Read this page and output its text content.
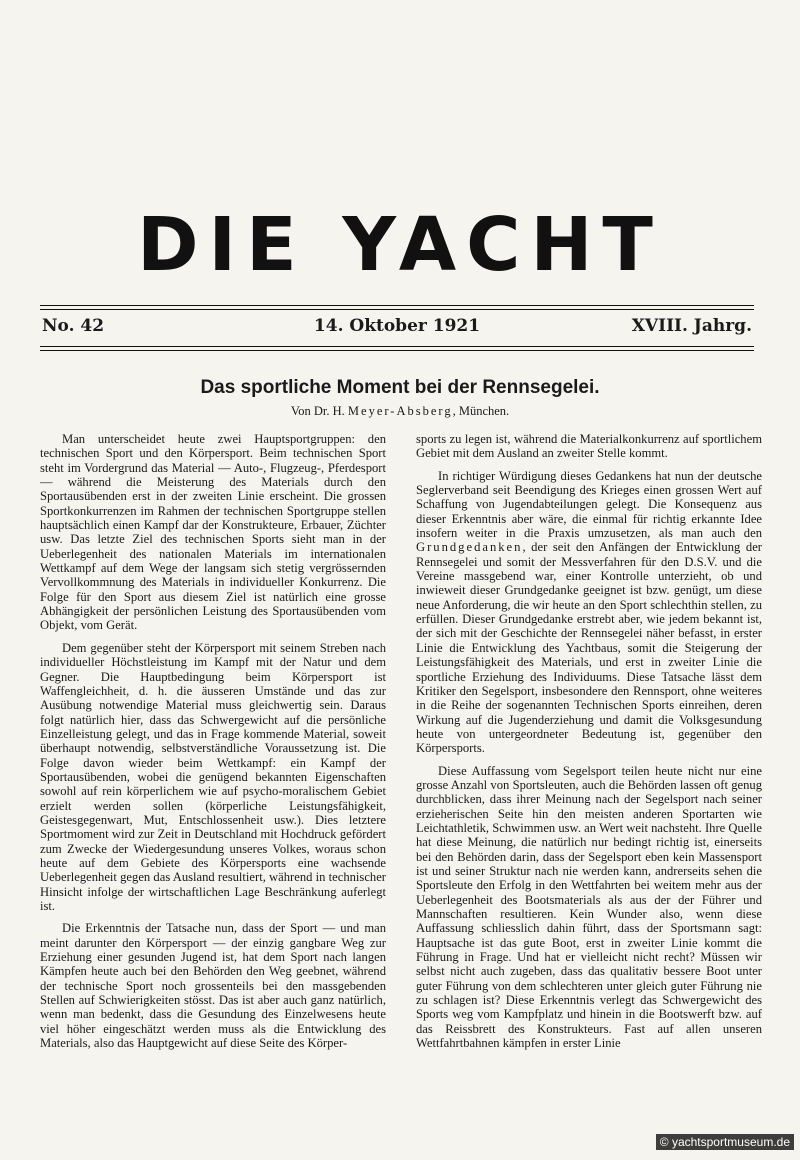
DIE YACHT
No. 42	14. Oktober 1921	XVIII. Jahrg.
Das sportliche Moment bei der Rennsegelei.
Von Dr. H. Meyer-Absberg, München.

Man unterscheidet heute zwei Hauptsportgruppen: den technischen Sport und den Körpersport. Beim technischen Sport steht im Vordergrund das Material — Auto-, Flugzeug-, Pferdesport — während die Meisterung des Materials durch den Sportausübenden erst in der zweiten Linie erscheint. Die grossen Sportkonkurrenzen im Rahmen der technischen Sportgruppe stellen hauptsächlich einen Kampf dar der Konstrukteure, Erbauer, Züchter usw. Das letzte Ziel des technischen Sports sieht man in der Ueberlegenheit des nationalen Materials im internationalen Wettkampf auf dem Wege der langsam sich stetig vergrössernden Vervollkommnung des Materials in individueller Konkurrenz. Die Folge für den Sport aus diesem Ziel ist natürlich eine grosse Abhängigkeit der persönlichen Leistung des Sportausübenden vom Objekt, vom Gerät.

Dem gegenüber steht der Körpersport mit seinem Streben nach individueller Höchstleistung im Kampf mit der Natur und dem Gegner. Die Hauptbedingung beim Körpersport ist Waffengleichheit, d. h. die äusseren Umstände und das zur Ausübung notwendige Material muss gleichwertig sein. Daraus folgt natürlich hier, dass das Schwergewicht auf die persönliche Einzelleistung gelegt, und das in Frage kommende Material, soweit überhaupt notwendig, selbstverständliche Voraussetzung ist. Die Folge davon wieder beim Wettkampf: ein Kampf der Sportausübenden, wobei die genügend bekannten Eigenschaften sowohl auf rein körperlichem wie auf psycho-moralischem Gebiet erzielt werden sollen (körperliche Leistungsfähigkeit, Geistesgegenwart, Mut, Entschlossenheit usw.). Dies letztere Sportmoment wird zur Zeit in Deutschland mit Hochdruck gefördert zum Zwecke der Wiedergesundung unseres Volkes, woraus schon heute auf dem Gebiete des Körpersports eine wachsende Ueberlegenheit gegen das Ausland resultiert, während in technischer Hinsicht infolge der wirtschaftlichen Lage Beschränkung auferlegt ist.

Die Erkenntnis der Tatsache nun, dass der Sport — und man meint darunter den Körpersport — der einzig gangbare Weg zur Erziehung einer gesunden Jugend ist, hat dem Sport nach langen Kämpfen heute auch bei den Behörden den Weg geebnet, während der technische Sport noch grossenteils bei den massgebenden Stellen auf Schwierigkeiten stösst. Das ist aber auch ganz natürlich, wenn man bedenkt, dass die Gesundung des Einzelwesens heute viel höher eingeschätzt werden muss als die Entwicklung des Materials, also das Hauptgewicht auf diese Seite des Körper-

sports zu legen ist, während die Materialkonkurrenz auf sportlichem Gebiet mit dem Ausland an zweiter Stelle kommt.

In richtiger Würdigung dieses Gedankens hat nun der deutsche Seglerverband seit Beendigung des Krieges einen grossen Wert auf Schaffung von Jugendabteilungen gelegt. Die Konsequenz aus dieser Erkenntnis aber wäre, die einmal für richtig erkannte Idee insofern weiter in die Praxis umzusetzen, als man auch den Grundgedanken, der seit den Anfängen der Entwicklung der Rennsegelei und somit der Messverfahren für den D.S.V. und die Vereine massgebend war, einer Kontrolle unterzieht, ob und inwieweit dieser Grundgedanke geeignet ist bzw. genügt, um diese neue Anforderung, die wir heute an den Sport schlechthin stellen, zu erfüllen. Dieser Grundgedanke erstrebt aber, wie jedem bekannt ist, der sich mit der Geschichte der Rennsegelei näher befasst, in erster Linie die Entwicklung des Yachtbaus, somit die Steigerung der Leistungsfähigkeit des Materials, und erst in zweiter Linie die sportliche Erziehung des Individuums. Diese Tatsache lässt dem Kritiker den Segelsport, insbesondere den Rennsport, ohne weiteres in die Reihe der sogenannten Technischen Sports einreihen, deren Wirkung auf die Jugenderziehung und damit die Volksgesundung heute von untergeordneter Bedeutung ist, gegenüber den Körpersports.

Diese Auffassung vom Segelsport teilen heute nicht nur eine grosse Anzahl von Sportsleuten, auch die Behörden lassen oft genug durchblicken, dass ihrer Meinung nach der Segelsport nach seiner erzieherischen Seite hin den meisten anderen Sportarten wie Leichtathletik, Schwimmen usw. an Wert weit nachsteht. Ihre Quelle hat diese Meinung, die natürlich nur bedingt richtig ist, einerseits bei den Behörden darin, dass der Segelsport eben kein Massensport ist und seiner Struktur nach nie werden kann, andrerseits sehen die Sportsleute den Erfolg in den Wettfahrten bei weitem mehr aus der Ueberlegenheit des Bootsmaterials als aus der der Führer und Mannschaften resultieren. Kein Wunder also, wenn diese Auffassung schliesslich dahin führt, dass der Sportsmann sagt: Hauptsache ist das gute Boot, erst in zweiter Linie kommt die Führung in Frage. Und hat er vielleicht nicht recht? Müssen wir selbst nicht auch zugeben, dass das qualitativ bessere Boot unter guter Führung von dem schlechteren unter gleich guter Führung nie zu schlagen ist? Diese Erkenntnis verlegt das Schwergewicht des Sports weg vom Kampfplatz und hinein in die Bootswerft bzw. auf das Reissbrett des Konstrukteurs. Fast auf allen unseren Wettfahrtbahnen kämpfen in erster Linie

© yachtsportmuseum.de
